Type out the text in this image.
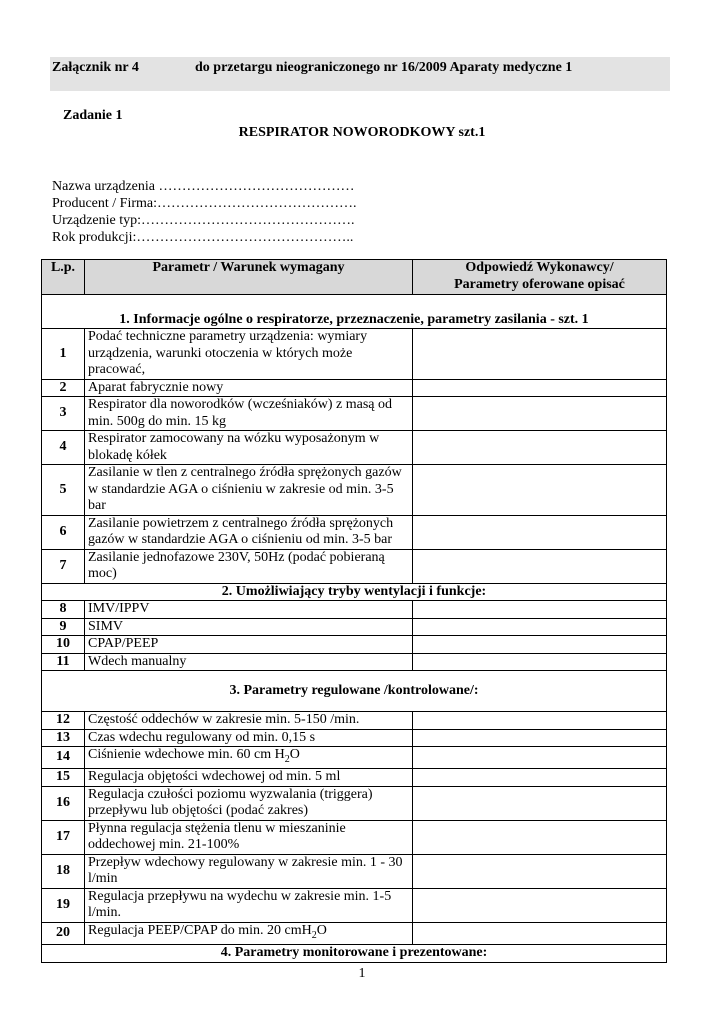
Załącznik nr 4	do przetargu nieograniczonego nr 16/2009 Aparaty medyczne 1
Zadanie 1
RESPIRATOR NOWORODKOWY szt.1
Nazwa urządzenia ……………………………………
Producent / Firma:…………………………………….
Urządzenie typ:……………………………………….
Rok produkcji:………………………………………..
L.p.	Parametr / Warunek wymagany	Odpowiedź Wykonawcy/
Parametry oferowane opisać
1. Informacje ogólne o respiratorze, przeznaczenie, parametry zasilania - szt. 1		
1	Podać techniczne parametry urządzenia: wymiary urządzenia, warunki otoczenia w których może pracować,	
2	Aparat fabrycznie nowy	
3	Respirator dla noworodków (wcześniaków) z masą od min. 500g do min. 15 kg	
4	Respirator zamocowany na wózku wyposażonym w blokadę kółek	
5	Zasilanie w tlen z centralnego źródła sprężonych gazów w standardzie AGA o ciśnieniu w zakresie od min. 3-5 bar	
6	Zasilanie powietrzem z centralnego źródła sprężonych gazów w standardzie AGA o ciśnieniu od min. 3-5 bar	
7	Zasilanie jednofazowe 230V, 50Hz (podać pobieraną moc)	
2. Umożliwiający tryby wentylacji i funkcje:		
8	IMV/IPPV	
9	SIMV	
10	CPAP/PEEP	
11	Wdech manualny	
3. Parametry regulowane /kontrolowane/:		
12	Częstość oddechów w zakresie min. 5-150 /min.	
13	Czas wdechu regulowany od min. 0,15 s	
14	Ciśnienie wdechowe min. 60 cm $H_2O$	
15	Regulacja objętości wdechowej od min. 5 ml	
16	Regulacja czułości poziomu wyzwalania (triggera) przepływu lub objętości (podać zakres)	
17	Płynna regulacja stężenia tlenu w mieszaninie oddechowej min. 21-100%	
18	Przepływ wdechowy regulowany w zakresie min. 1 - 30 l/min	
19	Regulacja przepływu na wydechu w zakresie min. 1-5 l/min.	
20	Regulacja PEEP/CPAP do min. 20 cmH$_2$O	
4. Parametry monitorowane i prezentowane:		
1
